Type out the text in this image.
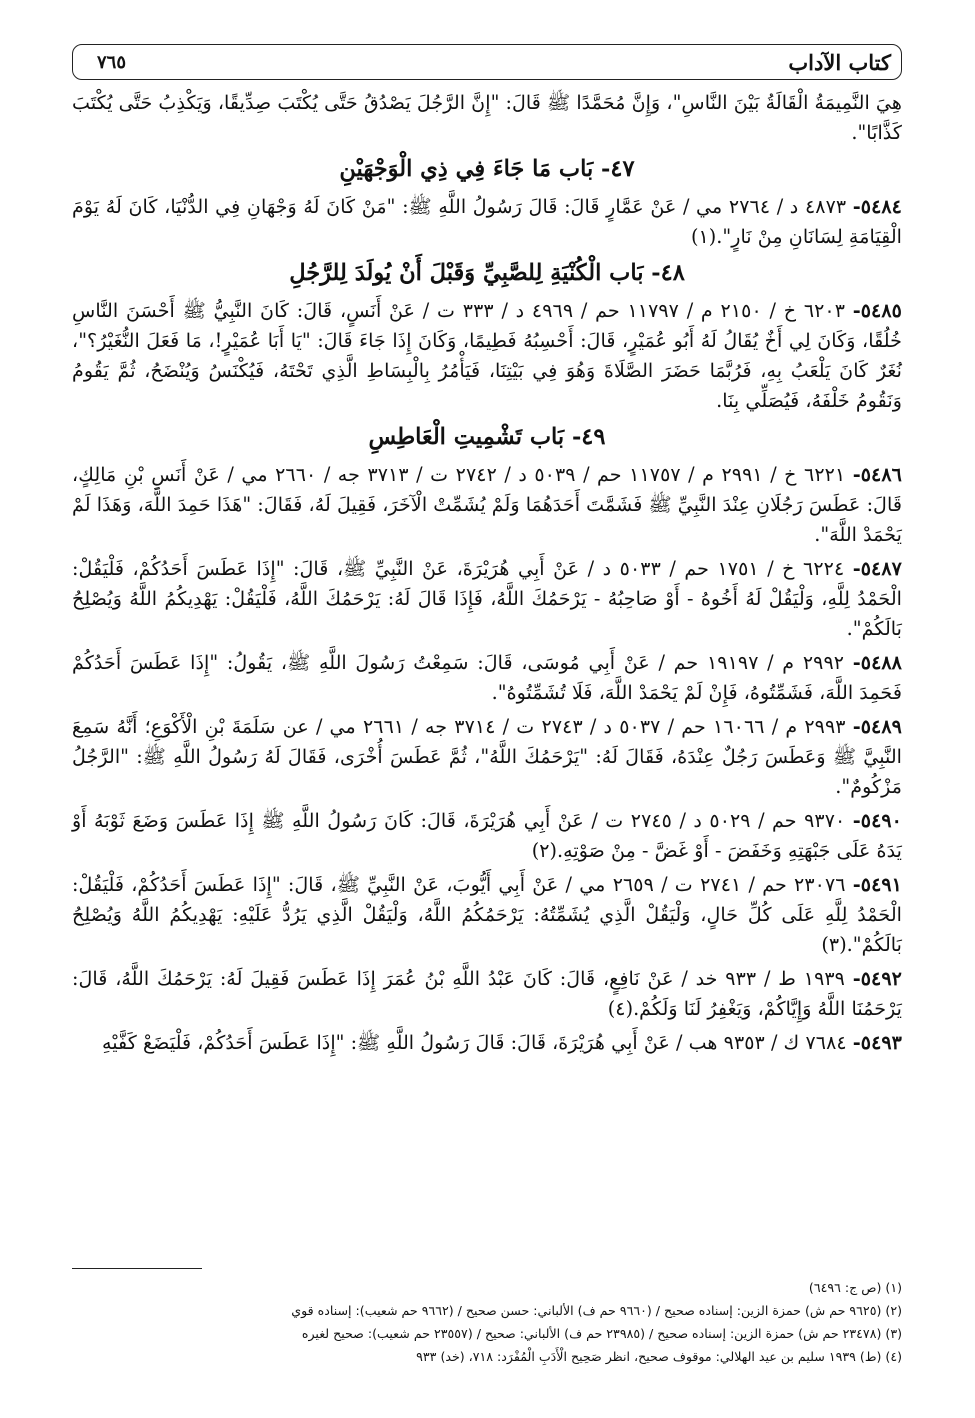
كتاب الآداب
٧٦٥

هِيَ النَّمِيمَةُ الْقَالَةُ بَيْنَ النَّاسِ"، وَإِنَّ مُحَمَّدًا ﷺ قَالَ: "إِنَّ الرَّجُلَ يَصْدُقُ حَتَّى يُكْتَبَ صِدِّيقًا، وَيَكْذِبُ حَتَّى يُكْتَبَ كَذَّابًا".

٤٧- بَاب مَا جَاءَ فِي ذِي الْوَجْهَيْنِ

٥٤٨٤- ٤٨٧٣ د / ٢٧٦٤ مي / عَنْ عَمَّارٍ قَالَ: قَالَ رَسُولُ اللَّهِ ﷺ: "مَنْ كَانَ لَهُ وَجْهَانِ فِي الدُّنْيَا، كَانَ لَهُ يَوْمَ الْقِيَامَةِ لِسَانَانِ مِنْ نَارٍ".(١)

٤٨- بَاب الْكُنْيَةِ لِلصَّبِيِّ وَقَبْلَ أَنْ يُولَدَ لِلرَّجُلِ

٥٤٨٥- ٦٢٠٣ خ / ٢١٥٠ م / ١١٧٩٧ حم / ٤٩٦٩ د / ٣٣٣ ت / عَنْ أَنَسٍ، قَالَ: كَانَ النَّبِيُّ ﷺ أَحْسَنَ النَّاسِ خُلُقًا، وَكَانَ لِي أَخٌ يُقَالُ لَهُ أَبُو عُمَيْرٍ، قَالَ: أَحْسِبُهُ فَطِيمًا، وَكَانَ إِذَا جَاءَ قَالَ: "يَا أَبَا عُمَيْرٍ!، مَا فَعَلَ النُّغَيْرُ؟"، نُغَرٌ كَانَ يَلْعَبُ بِهِ، فَرُبَّمَا حَضَرَ الصَّلَاةَ وَهُوَ فِي بَيْتِنَا، فَيَأْمُرُ بِالْبِسَاطِ الَّذِي تَحْتَهُ، فَيُكْنَسُ وَيُنْضَحُ، ثُمَّ يَقُومُ وَنَقُومُ خَلْفَهُ، فَيُصَلِّي بِنَا.

٤٩- بَاب تَشْمِيتِ الْعَاطِسِ

٥٤٨٦- ٦٢٢١ خ / ٢٩٩١ م / ١١٧٥٧ حم / ٥٠٣٩ د / ٢٧٤٢ ت / ٣٧١٣ جه / ٢٦٦٠ مي / عَنْ أَنَسِ بْنِ مَالِكٍ، قَالَ: عَطَسَ رَجُلَانِ عِنْدَ النَّبِيِّ ﷺ فَشَمَّتَ أَحَدَهُمَا وَلَمْ يُشَمِّتْ الْآخَرَ، فَقِيلَ لَهُ، فَقَالَ: "هَذَا حَمِدَ اللَّهَ، وَهَذَا لَمْ يَحْمَدْ اللَّهَ".

٥٤٨٧- ٦٢٢٤ خ / ١٧٥١ حم / ٥٠٣٣ د / عَنْ أَبِي هُرَيْرَةَ، عَنْ النَّبِيِّ ﷺ، قَالَ: "إِذَا عَطَسَ أَحَدُكُمْ، فَلْيَقُلْ: الْحَمْدُ لِلَّهِ، وَلْيَقُلْ لَهُ أَخُوهُ - أَوْ صَاحِبُهُ - يَرْحَمُكَ اللَّهُ، فَإِذَا قَالَ لَهُ: يَرْحَمُكَ اللَّهُ، فَلْيَقُلْ: يَهْدِيكُمُ اللَّهُ وَيُصْلِحُ بَالَكُمْ".

٥٤٨٨- ٢٩٩٢ م / ١٩١٩٧ حم / عَنْ أَبِي مُوسَى، قَالَ: سَمِعْتُ رَسُولَ اللَّهِ ﷺ، يَقُولُ: "إِذَا عَطَسَ أَحَدُكُمْ فَحَمِدَ اللَّهَ، فَشَمِّتُوهُ، فَإِنْ لَمْ يَحْمَدْ اللَّهَ، فَلَا تُشَمِّتُوهُ".

٥٤٨٩- ٢٩٩٣ م / ١٦٠٦٦ حم / ٥٠٣٧ د / ٢٧٤٣ ت / ٣٧١٤ جه / ٢٦٦١ مي / عن سَلَمَةَ بْنِ الْأَكْوَعِ؛ أَنَّهُ سَمِعَ النَّبِيَّ ﷺ وَعَطَسَ رَجُلٌ عِنْدَهُ، فَقَالَ لَهُ: "يَرْحَمُكَ اللَّهُ"، ثُمَّ عَطَسَ أُخْرَى، فَقَالَ لَهُ رَسُولُ اللَّهِ ﷺ: "الرَّجُلُ مَزْكُومٌ".

٥٤٩٠- ٩٣٧٠ حم / ٥٠٢٩ د / ٢٧٤٥ ت / عَنْ أَبِي هُرَيْرَةَ، قَالَ: كَانَ رَسُولُ اللَّهِ ﷺ إِذَا عَطَسَ وَضَعَ ثَوْبَهُ أَوْ يَدَهُ عَلَى جَبْهَتِهِ وَخَفَضَ - أَوْ غَضَّ - مِنْ صَوْتِهِ.(٢)

٥٤٩١- ٢٣٠٧٦ حم / ٢٧٤١ ت / ٢٦٥٩ مي / عَنْ أَبِي أَيُّوبَ، عَنْ النَّبِيِّ ﷺ، قَالَ: "إِذَا عَطَسَ أَحَدُكُمْ، فَلْيَقُلْ: الْحَمْدُ لِلَّهِ عَلَى كُلِّ حَالٍ، وَلْيَقُلْ الَّذِي يُشَمِّتُهُ: يَرْحَمُكُمُ اللَّهُ، وَلْيَقُلْ الَّذِي يَرُدُّ عَلَيْهِ: يَهْدِيكُمُ اللَّهُ وَيُصْلِحُ بَالَكُمْ".(٣)

٥٤٩٢- ١٩٣٩ ط / ٩٣٣ خد / عَنْ نَافِعٍ، قَالَ: كَانَ عَبْدُ اللَّهِ بْنُ عُمَرَ إِذَا عَطَسَ فَقِيلَ لَهُ: يَرْحَمُكَ اللَّهُ، قَالَ: يَرْحَمُنَا اللَّهُ وَإِيَّاكُمْ، وَيَغْفِرُ لَنَا وَلَكُمْ.(٤)

٥٤٩٣- ٧٦٨٤ ك / ٩٣٥٣ هب / عَنْ أَبِي هُرَيْرَةَ، قَالَ: قَالَ رَسُولُ اللَّهِ ﷺ: "إِذَا عَطَسَ أَحَدُكُمْ، فَلْيَضَعْ كَفَّيْهِ

(١) (ص ج: ٦٤٩٦)

(٢) (٩٦٢٥ حم ش) حمزة الزين: إسناده صحيح / (٩٦٦٠ حم ف) الألباني: حسن صحيح / (٩٦٦٢ حم شعيب): إسناده قوي

(٣) (٢٣٤٧٨ حم ش) حمزة الزين: إسناده صحيح / (٢٣٩٨٥ حم ف) الألباني: صحيح / (٢٣٥٥٧ حم شعيب): صحيح لغيره

(٤) (ط) ١٩٣٩ سليم بن عيد الهلالي: موقوف صحيح، انظر صَحِيح الْأَدَبِ الْمُفْرَد: ٧١٨، (خد) ٩٣٣
